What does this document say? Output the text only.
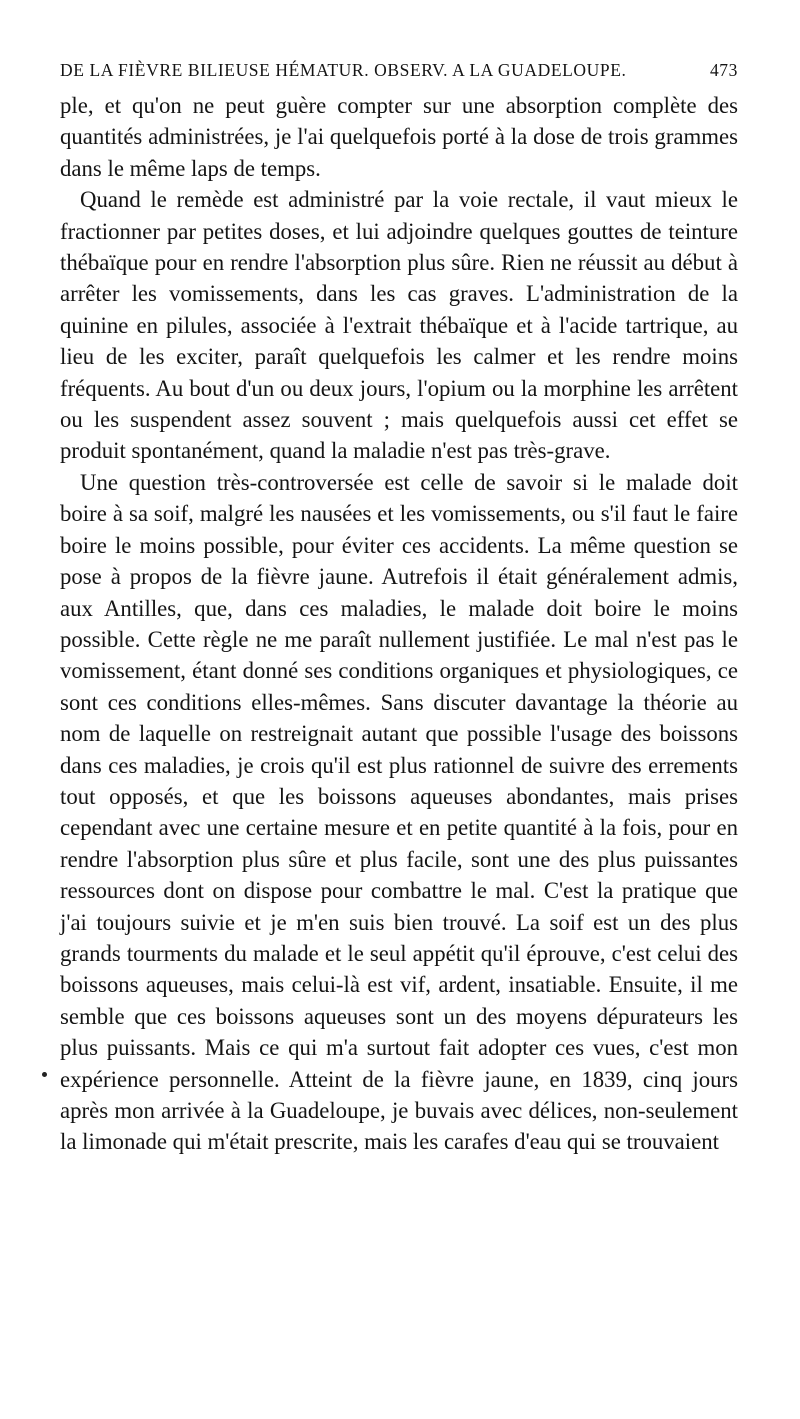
DE LA FIÈVRE BILIEUSE HÉMATUR. OBSERV. A LA GUADELOUPE.	473

ple, et qu'on ne peut guère compter sur une absorption complète des quantités administrées, je l'ai quelquefois porté à la dose de trois grammes dans le même laps de temps.

Quand le remède est administré par la voie rectale, il vaut mieux le fractionner par petites doses, et lui adjoindre quelques gouttes de teinture thébaïque pour en rendre l'absorption plus sûre. Rien ne réussit au début à arrêter les vomissements, dans les cas graves. L'administration de la quinine en pilules, associée à l'extrait thébaïque et à l'acide tartrique, au lieu de les exciter, paraît quelquefois les calmer et les rendre moins fréquents. Au bout d'un ou deux jours, l'opium ou la morphine les arrêtent ou les suspendent assez souvent ; mais quelquefois aussi cet effet se produit spontanément, quand la maladie n'est pas très-grave.

Une question très-controversée est celle de savoir si le malade doit boire à sa soif, malgré les nausées et les vomissements, ou s'il faut le faire boire le moins possible, pour éviter ces accidents. La même question se pose à propos de la fièvre jaune. Autrefois il était généralement admis, aux Antilles, que, dans ces maladies, le malade doit boire le moins possible. Cette règle ne me paraît nullement justifiée. Le mal n'est pas le vomissement, étant donné ses conditions organiques et physiologiques, ce sont ces conditions elles-mêmes. Sans discuter davantage la théorie au nom de laquelle on restreignait autant que possible l'usage des boissons dans ces maladies, je crois qu'il est plus rationnel de suivre des errements tout opposés, et que les boissons aqueuses abondantes, mais prises cependant avec une certaine mesure et en petite quantité à la fois, pour en rendre l'absorption plus sûre et plus facile, sont une des plus puissantes ressources dont on dispose pour combattre le mal. C'est la pratique que j'ai toujours suivie et je m'en suis bien trouvé. La soif est un des plus grands tourments du malade et le seul appétit qu'il éprouve, c'est celui des boissons aqueuses, mais celui-là est vif, ardent, insatiable. Ensuite, il me semble que ces boissons aqueuses sont un des moyens dépurateurs les plus puissants. Mais ce qui m'a surtout fait adopter ces vues, c'est mon expérience personnelle. Atteint de la fièvre jaune, en 1839, cinq jours après mon arrivée à la Guadeloupe, je buvais avec délices, non-seulement la limonade qui m'était prescrite, mais les carafes d'eau qui se trouvaient
